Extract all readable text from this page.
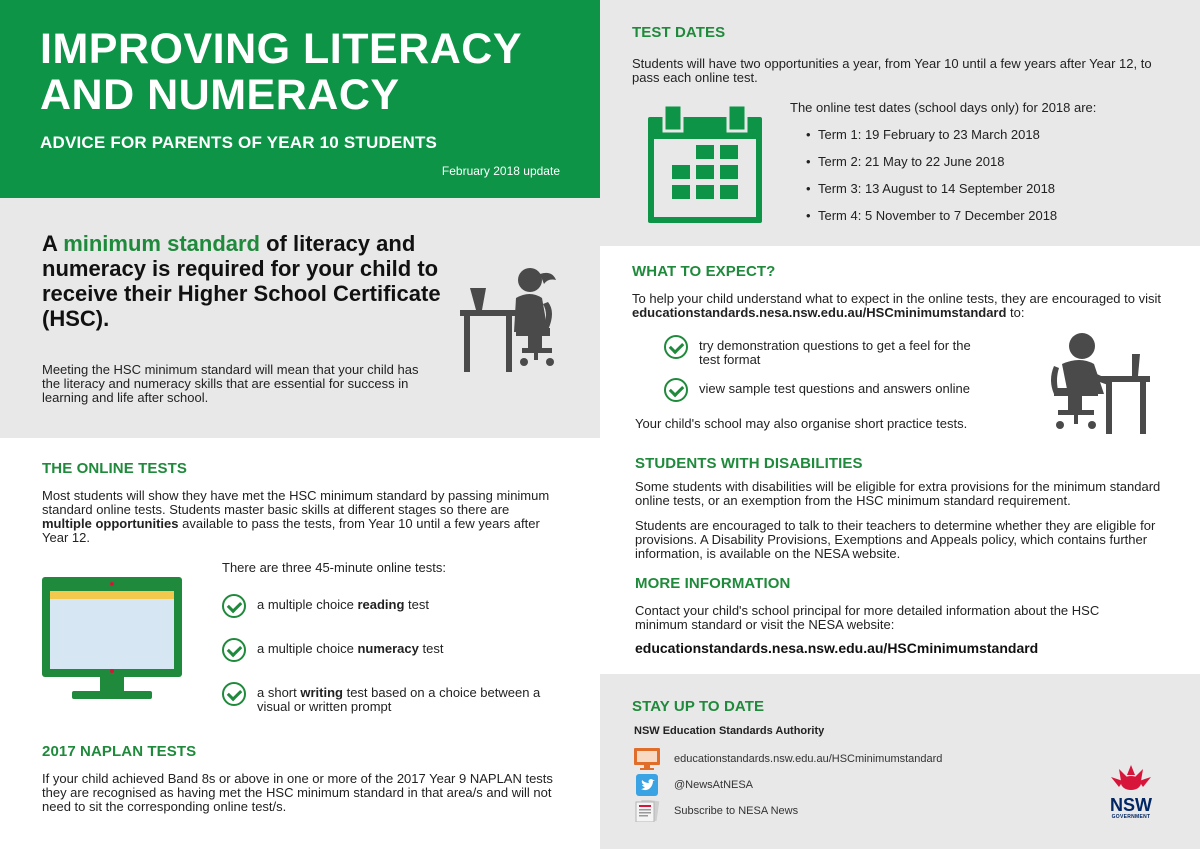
IMPROVING LITERACY AND NUMERACY
ADVICE FOR PARENTS OF YEAR 10 STUDENTS
February 2018 update
A minimum standard of literacy and numeracy is required for your child to receive their Higher School Certificate (HSC).
Meeting the HSC minimum standard will mean that your child has the literacy and numeracy skills that are essential for success in learning and life after school.
THE ONLINE TESTS
Most students will show they have met the HSC minimum standard by passing minimum standard online tests. Students master basic skills at different stages so there are multiple opportunities available to pass the tests, from Year 10 until a few years after Year 12.
There are three 45-minute online tests:
a multiple choice reading test
a multiple choice numeracy test
a short writing test based on a choice between a visual or written prompt
2017 NAPLAN TESTS
If your child achieved Band 8s or above in one or more of the 2017 Year 9 NAPLAN tests they are recognised as having met the HSC minimum standard in that area/s and will not need to sit the corresponding online test/s.
TEST DATES
Students will have two opportunities a year, from Year 10 until a few years after Year 12, to pass each online test.
The online test dates (school days only) for 2018 are:
• Term 1: 19 February to 23 March 2018
• Term 2: 21 May to 22 June 2018
• Term 3: 13 August to 14 September 2018
• Term 4: 5 November to 7 December 2018
WHAT TO EXPECT?
To help your child understand what to expect in the online tests, they are encouraged to visit educationstandards.nesa.nsw.edu.au/HSCminimumstandard to:
try demonstration questions to get a feel for the test format
view sample test questions and answers online
Your child's school may also organise short practice tests.
STUDENTS WITH DISABILITIES
Some students with disabilities will be eligible for extra provisions for the minimum standard online tests, or an exemption from the HSC minimum standard requirement.
Students are encouraged to talk to their teachers to determine whether they are eligible for provisions. A Disability Provisions, Exemptions and Appeals policy, which contains further information, is available on the NESA website.
MORE INFORMATION
Contact your child's school principal for more detailed information about the HSC minimum standard or visit the NESA website:
educationstandards.nesa.nsw.edu.au/HSCminimumstandard
STAY UP TO DATE
NSW Education Standards Authority
educationstandards.nsw.edu.au/HSCminimumstandard
@NewsAtNESA
Subscribe to NESA News	NSW
GOVERNMENT
